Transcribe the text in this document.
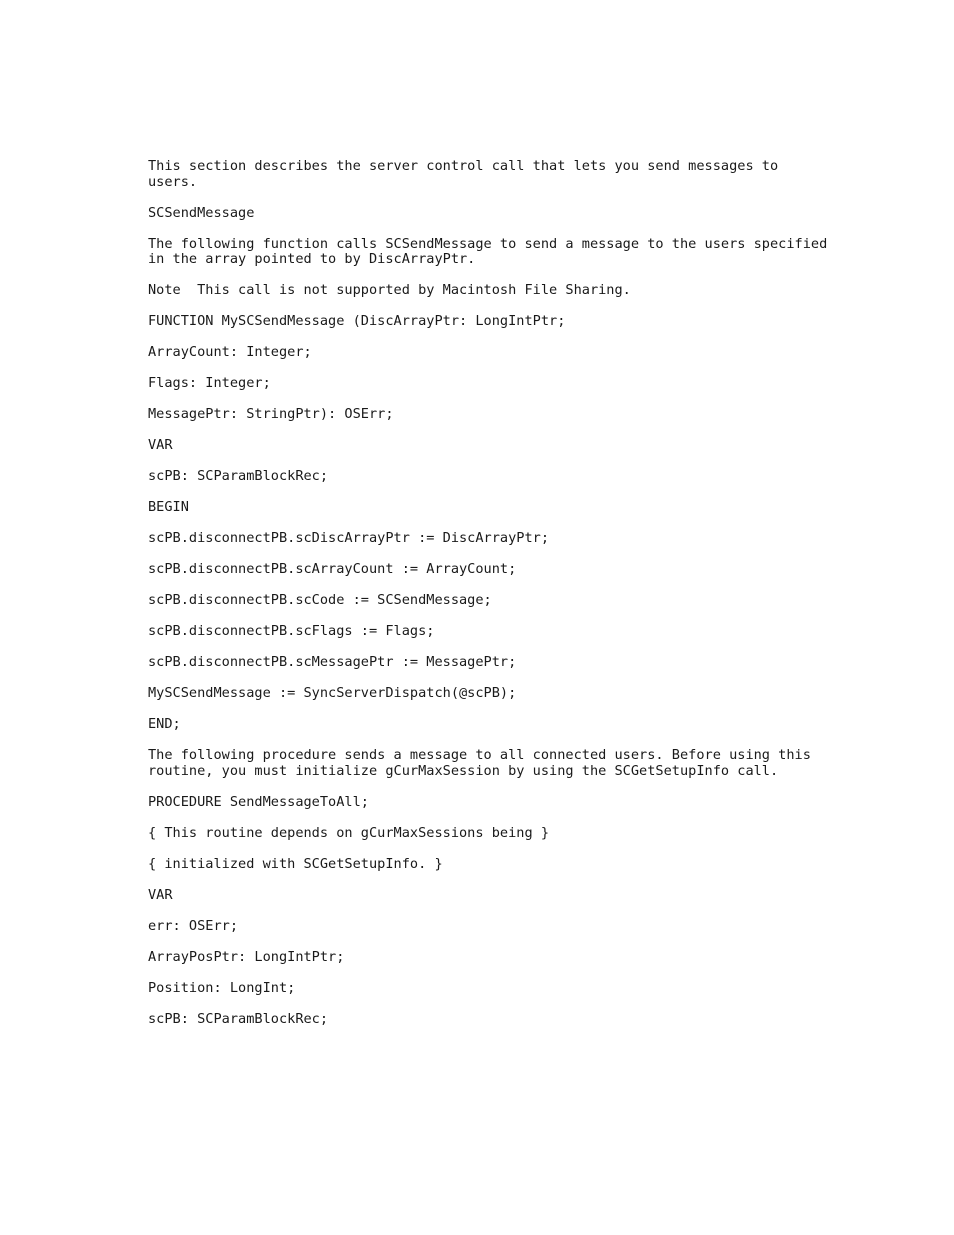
This section describes the server control call that lets you send messages to users.

SCSendMessage

The following function calls SCSendMessage to send a message to the users specified in the array pointed to by DiscArrayPtr.

Note  This call is not supported by Macintosh File Sharing.

FUNCTION MySCSendMessage (DiscArrayPtr: LongIntPtr;
ArrayCount: Integer;
Flags: Integer;
MessagePtr: StringPtr): OSErr;
VAR
scPB: SCParamBlockRec;
BEGIN
scPB.disconnectPB.scDiscArrayPtr := DiscArrayPtr;
scPB.disconnectPB.scArrayCount := ArrayCount;
scPB.disconnectPB.scCode := SCSendMessage;
scPB.disconnectPB.scFlags := Flags;
scPB.disconnectPB.scMessagePtr := MessagePtr;
MySCSendMessage := SyncServerDispatch(@scPB);
END;

The following procedure sends a message to all connected users. Before using this routine, you must initialize gCurMaxSession by using the SCGetSetupInfo call.

PROCEDURE SendMessageToAll;
{ This routine depends on gCurMaxSessions being }
{ initialized with SCGetSetupInfo. }
VAR
err: OSErr;
ArrayPosPtr: LongIntPtr;
Position: LongInt;
scPB: SCParamBlockRec;
